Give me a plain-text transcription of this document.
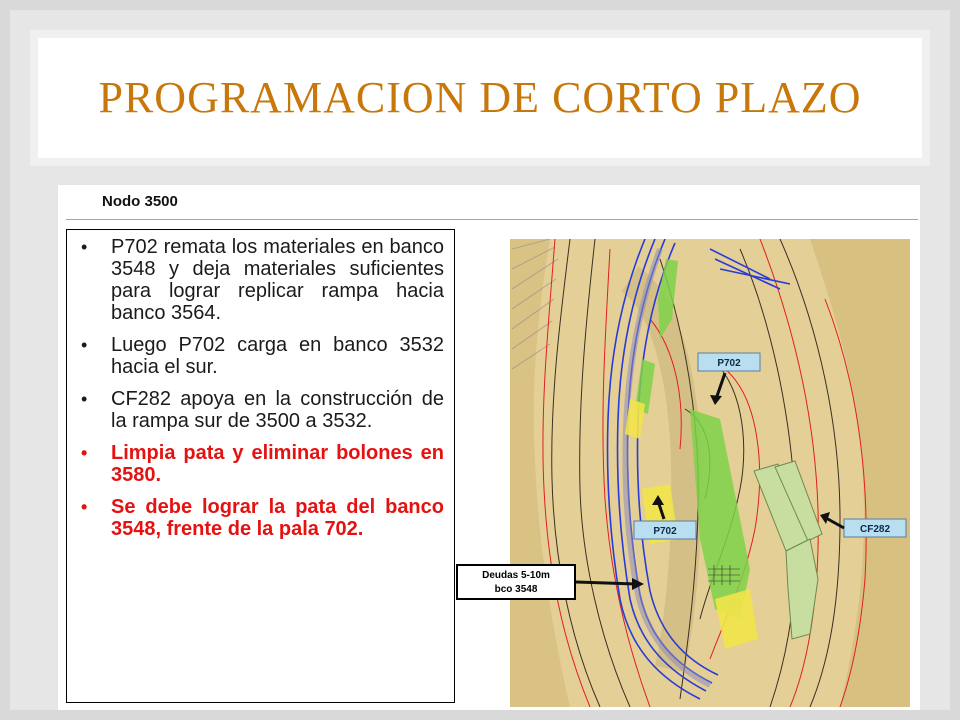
PROGRAMACION DE CORTO PLAZO
Nodo 3500
• P702 remata los materiales en banco 3548 y deja materiales suficientes para lograr replicar rampa hacia banco 3564.
• Luego P702 carga en banco 3532 hacia el sur.
• CF282 apoya en la construcción de la rampa sur de 3500 a 3532.
• Limpia pata y eliminar bolones en 3580.
• Se debe lograr la pata del banco 3548, frente de la pala 702.
P702
P702	CF282
Deudas 5-10m
bco 3548
